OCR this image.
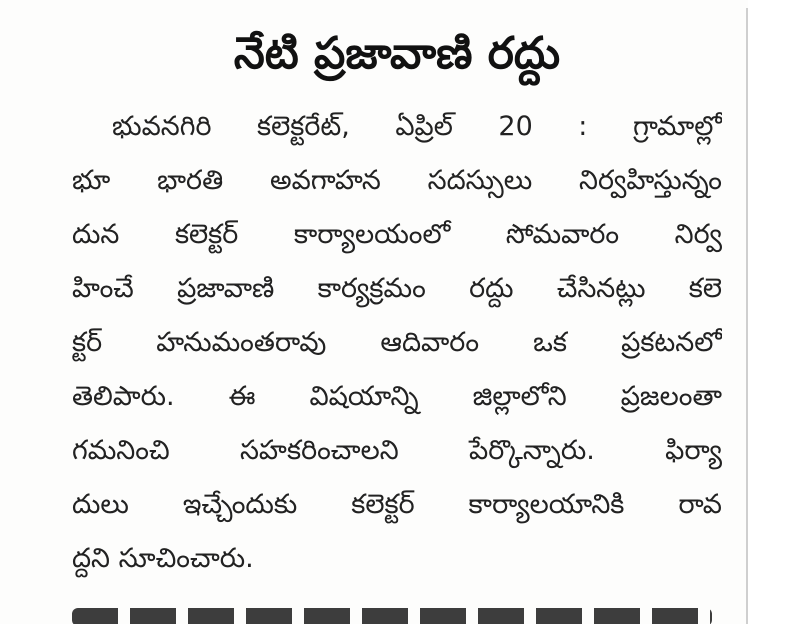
నేటి ప్రజావాణి రద్దు
భువనగిరి కలెక్టరేట్, ఏప్రిల్ 20 : గ్రామాల్లో
భూ భారతి అవగాహన సదస్సులు నిర్వహిస్తున్నం
దున కలెక్టర్ కార్యాలయంలో సోమవారం నిర్వ
హించే ప్రజావాణి కార్యక్రమం రద్దు చేసినట్లు కలె
క్టర్ హనుమంతరావు ఆదివారం ఒక ప్రకటనలో
తెలిపారు. ఈ విషయాన్ని జిల్లాలోని ప్రజలంతా
గమనించి సహకరించాలని పేర్కొన్నారు. ఫిర్యా
దులు ఇచ్చేందుకు కలెక్టర్ కార్యాలయానికి రావ
ద్దని సూచించారు.
